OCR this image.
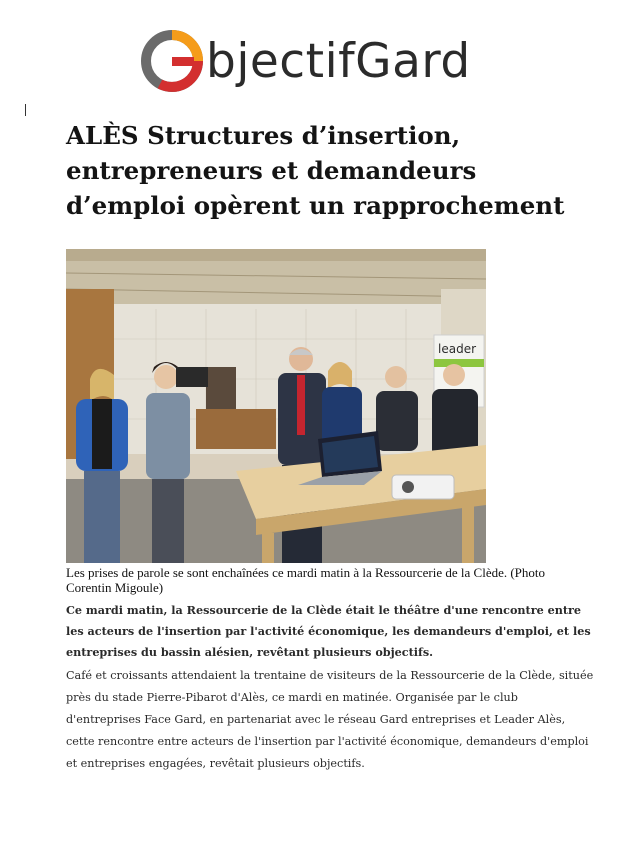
bjectifGard
ALÈS Structures d’insertion, entrepreneurs et demandeurs d’emploi opèrent un rapprochement
leader

Les prises de parole se sont enchaînées ce mardi matin à la Ressourcerie de la Clède. (Photo Corentin Migoule)

Ce mardi matin, la Ressourcerie de la Clède était le théâtre d'une rencontre entre les acteurs de l'insertion par l'activité économique, les demandeurs d'emploi, et les entreprises du bassin alésien, revêtant plusieurs objectifs.

Café et croissants attendaient la trentaine de visiteurs de la Ressourcerie de la Clède, située près du stade Pierre-Pibarot d'Alès, ce mardi en matinée. Organisée par le club d'entreprises Face Gard, en partenariat avec le réseau Gard entreprises et Leader Alès, cette rencontre entre acteurs de l'insertion par l'activité économique, demandeurs d'emploi et entreprises engagées, revêtait plusieurs objectifs.
